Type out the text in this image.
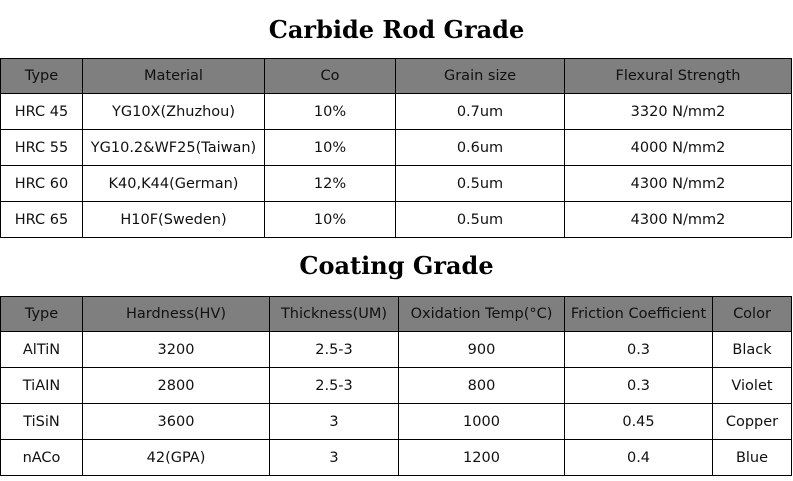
Carbide Rod Grade
Type	Material	Co	Grain size	Flexural Strength
HRC 45	YG10X(Zhuzhou)	10%	0.7um	3320 N/mm2
HRC 55	YG10.2&WF25(Taiwan)	10%	0.6um	4000 N/mm2
HRC 60	K40,K44(German)	12%	0.5um	4300 N/mm2
HRC 65	H10F(Sweden)	10%	0.5um	4300 N/mm2
Coating Grade
Type	Hardness(HV)	Thickness(UM)	Oxidation Temp(°C)	Friction Coefficient	Color
AlTiN	3200	2.5-3	900	0.3	Black
TiAIN	2800	2.5-3	800	0.3	Violet
TiSiN	3600	3	1000	0.45	Copper
nACo	42(GPA)	3	1200	0.4	Blue
